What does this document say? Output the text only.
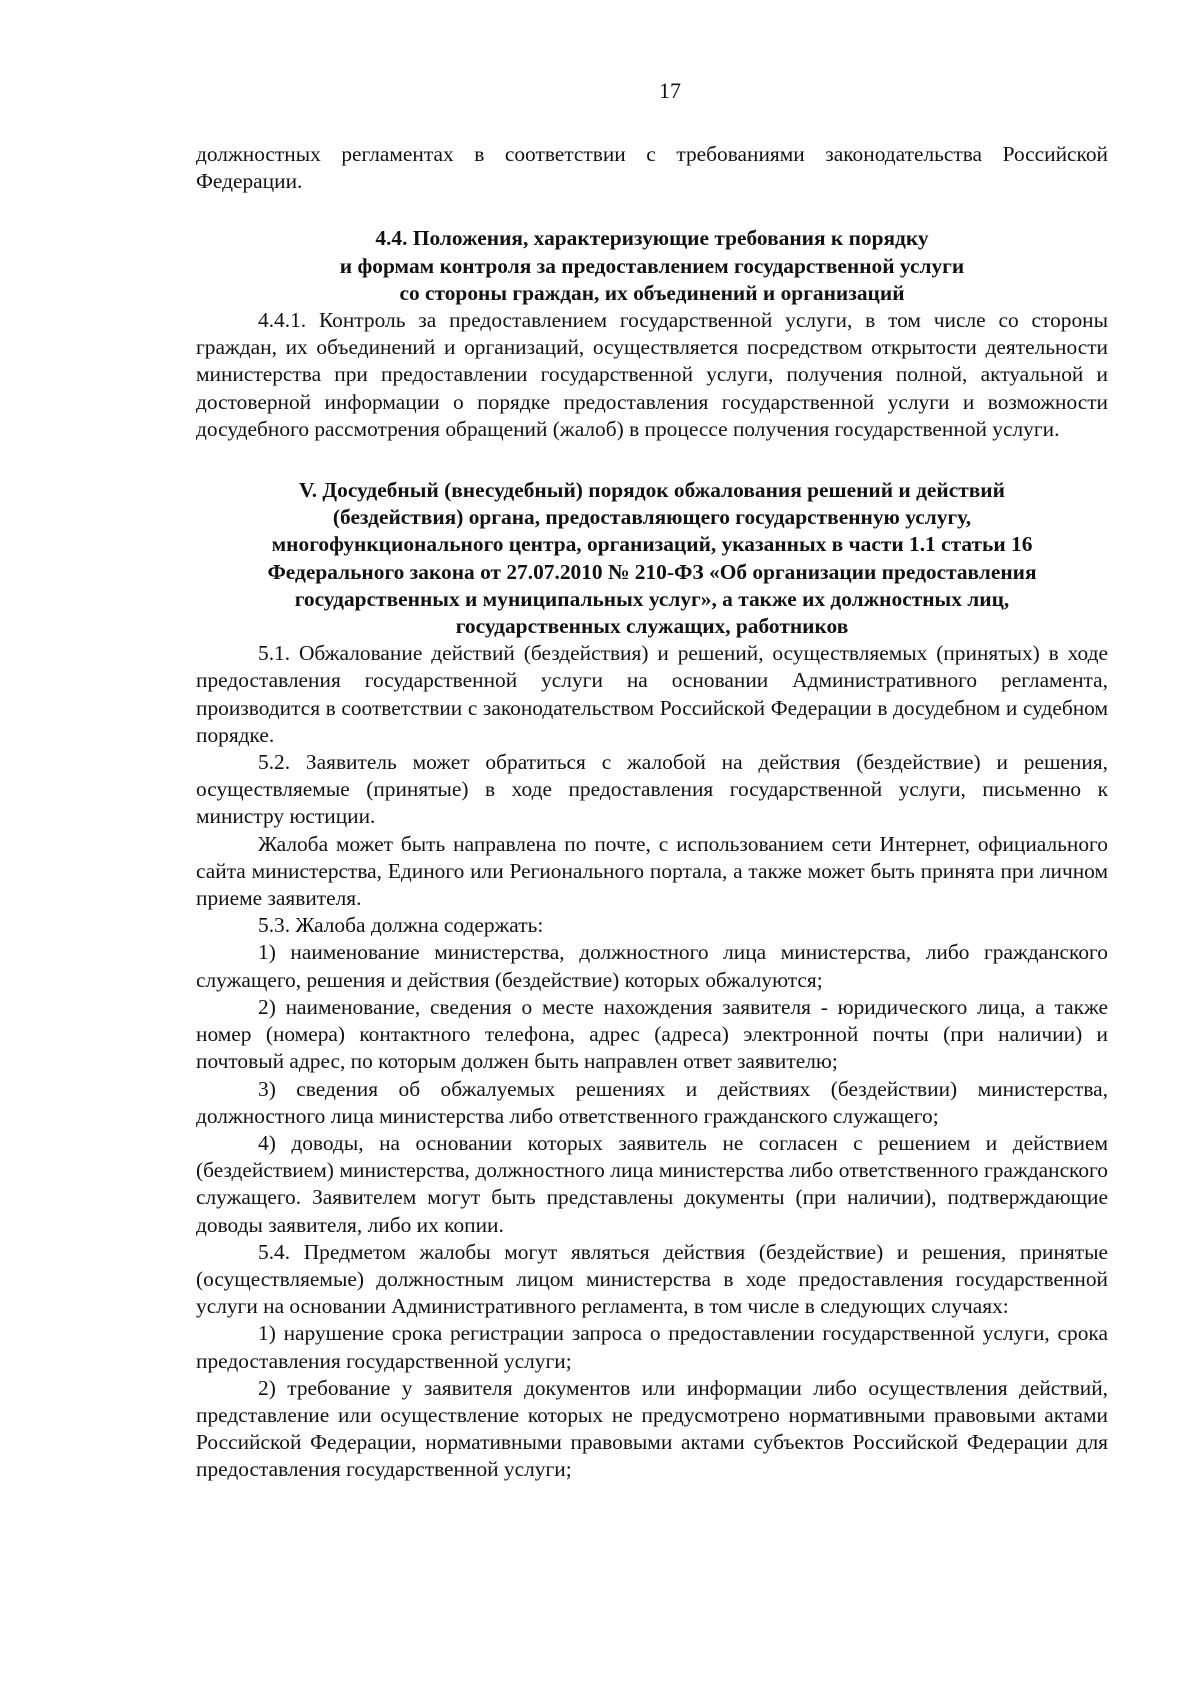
17

должностных регламентах в соответствии с требованиями законодательства Российской Федерации.

4.4. Положения, характеризующие требования к порядку
и формам контроля за предоставлением государственной услуги
со стороны граждан, их объединений и организаций

4.4.1. Контроль за предоставлением государственной услуги, в том числе со стороны граждан, их объединений и организаций, осуществляется посредством открытости деятельности министерства при предоставлении государственной услуги, получения полной, актуальной и достоверной информации о порядке предоставления государственной услуги и возможности досудебного рассмотрения обращений (жалоб) в процессе получения государственной услуги.

V. Досудебный (внесудебный) порядок обжалования решений и действий
(бездействия) органа, предоставляющего государственную услугу,
многофункционального центра, организаций, указанных в части 1.1 статьи 16
Федерального закона от 27.07.2010 № 210-ФЗ «Об организации предоставления
государственных и муниципальных услуг», а также их должностных лиц,
государственных служащих, работников

5.1. Обжалование действий (бездействия) и решений, осуществляемых (принятых) в ходе предоставления государственной услуги на основании Административного регламента, производится в соответствии с законодательством Российской Федерации в досудебном и судебном порядке.

5.2. Заявитель может обратиться с жалобой на действия (бездействие) и решения, осуществляемые (принятые) в ходе предоставления государственной услуги, письменно к министру юстиции.

Жалоба может быть направлена по почте, с использованием сети Интернет, официального сайта министерства, Единого или Регионального портала, а также может быть принята при личном приеме заявителя.

5.3. Жалоба должна содержать:

1) наименование министерства, должностного лица министерства, либо гражданского служащего, решения и действия (бездействие) которых обжалуются;

2) наименование, сведения о месте нахождения заявителя - юридического лица, а также номер (номера) контактного телефона, адрес (адреса) электронной почты (при наличии) и почтовый адрес, по которым должен быть направлен ответ заявителю;

3) сведения об обжалуемых решениях и действиях (бездействии) министерства, должностного лица министерства либо ответственного гражданского служащего;

4) доводы, на основании которых заявитель не согласен с решением и действием (бездействием) министерства, должностного лица министерства либо ответственного гражданского служащего. Заявителем могут быть представлены документы (при наличии), подтверждающие доводы заявителя, либо их копии.

5.4. Предметом жалобы могут являться действия (бездействие) и решения, принятые (осуществляемые) должностным лицом министерства в ходе предоставления государственной услуги на основании Административного регламента, в том числе в следующих случаях:

1) нарушение срока регистрации запроса о предоставлении государственной услуги, срока предоставления государственной услуги;

2) требование у заявителя документов или информации либо осуществления действий, представление или осуществление которых не предусмотрено нормативными правовыми актами Российской Федерации, нормативными правовыми актами субъектов Российской Федерации для предоставления государственной услуги;
